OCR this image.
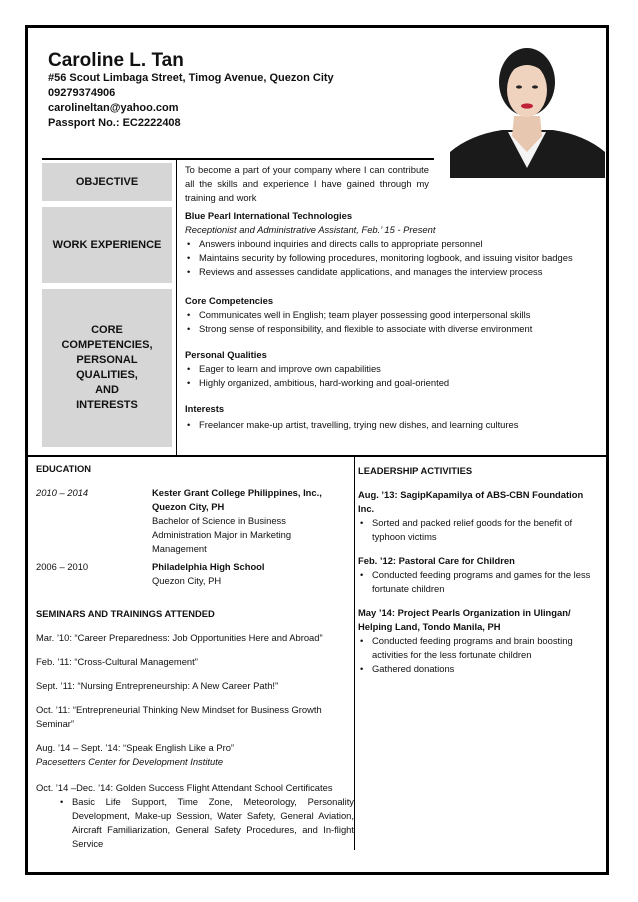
Caroline L. Tan
#56 Scout Limbaga Street, Timog Avenue, Quezon City
09279374906
carolineltan@yahoo.com
Passport No.: EC2222408
OBJECTIVE
WORK EXPERIENCE
CORE
COMPETENCIES,
PERSONAL
QUALITIES,
AND
INTERESTS
To become a part of your company where I can contribute all the skills and experience I have gained through my training and work
Blue Pearl International Technologies
Receptionist and Administrative Assistant, Feb.’ 15 - Present
• Answers inbound inquiries and directs calls to appropriate personnel
• Maintains security by following procedures, monitoring logbook, and issuing visitor badges
• Reviews and assesses candidate applications, and manages the interview process
Core Competencies
• Communicates well in English; team player possessing good interpersonal skills
• Strong sense of responsibility, and flexible to associate with diverse environment
Personal Qualities
• Eager to learn and improve own capabilities
• Highly organized, ambitious, hard-working and goal-oriented
Interests
• Freelancer make-up artist, travelling, trying new dishes, and learning cultures
EDUCATION
2010 – 2014	Kester Grant College Philippines, Inc.,
Quezon City, PH
Bachelor of Science in Business
Administration Major in Marketing
Management
2006 – 2010	Philadelphia High School
Quezon City, PH
SEMINARS AND TRAININGS ATTENDED
Mar. ’10: “Career Preparedness: Job Opportunities Here and Abroad”
Feb. ’11: “Cross-Cultural Management”
Sept. ’11: “Nursing Entrepreneurship: A New Career Path!”
Oct. ’11: “Entrepreneurial Thinking New Mindset for Business Growth Seminar”
Aug. ’14 – Sept. ’14: “Speak English Like a Pro”
Pacesetters Center for Development Institute
Oct. ’14 –Dec. ’14: Golden Success Flight Attendant School Certificates
• Basic Life Support, Time Zone, Meteorology, Personality Development, Make-up Session, Water Safety, General Aviation, Aircraft Familiarization, General Safety Procedures, and In-flight Service
LEADERSHIP ACTIVITIES
Aug. ’13: SagipKapamilya of ABS-CBN Foundation Inc.
• Sorted and packed relief goods for the benefit of typhoon victims
Feb. ’12: Pastoral Care for Children
• Conducted feeding programs and games for the less fortunate children
May ’14: Project Pearls Organization in Ulingan/ Helping Land, Tondo Manila, PH
• Conducted feeding programs and brain boosting activities for the less fortunate children
• Gathered donations
